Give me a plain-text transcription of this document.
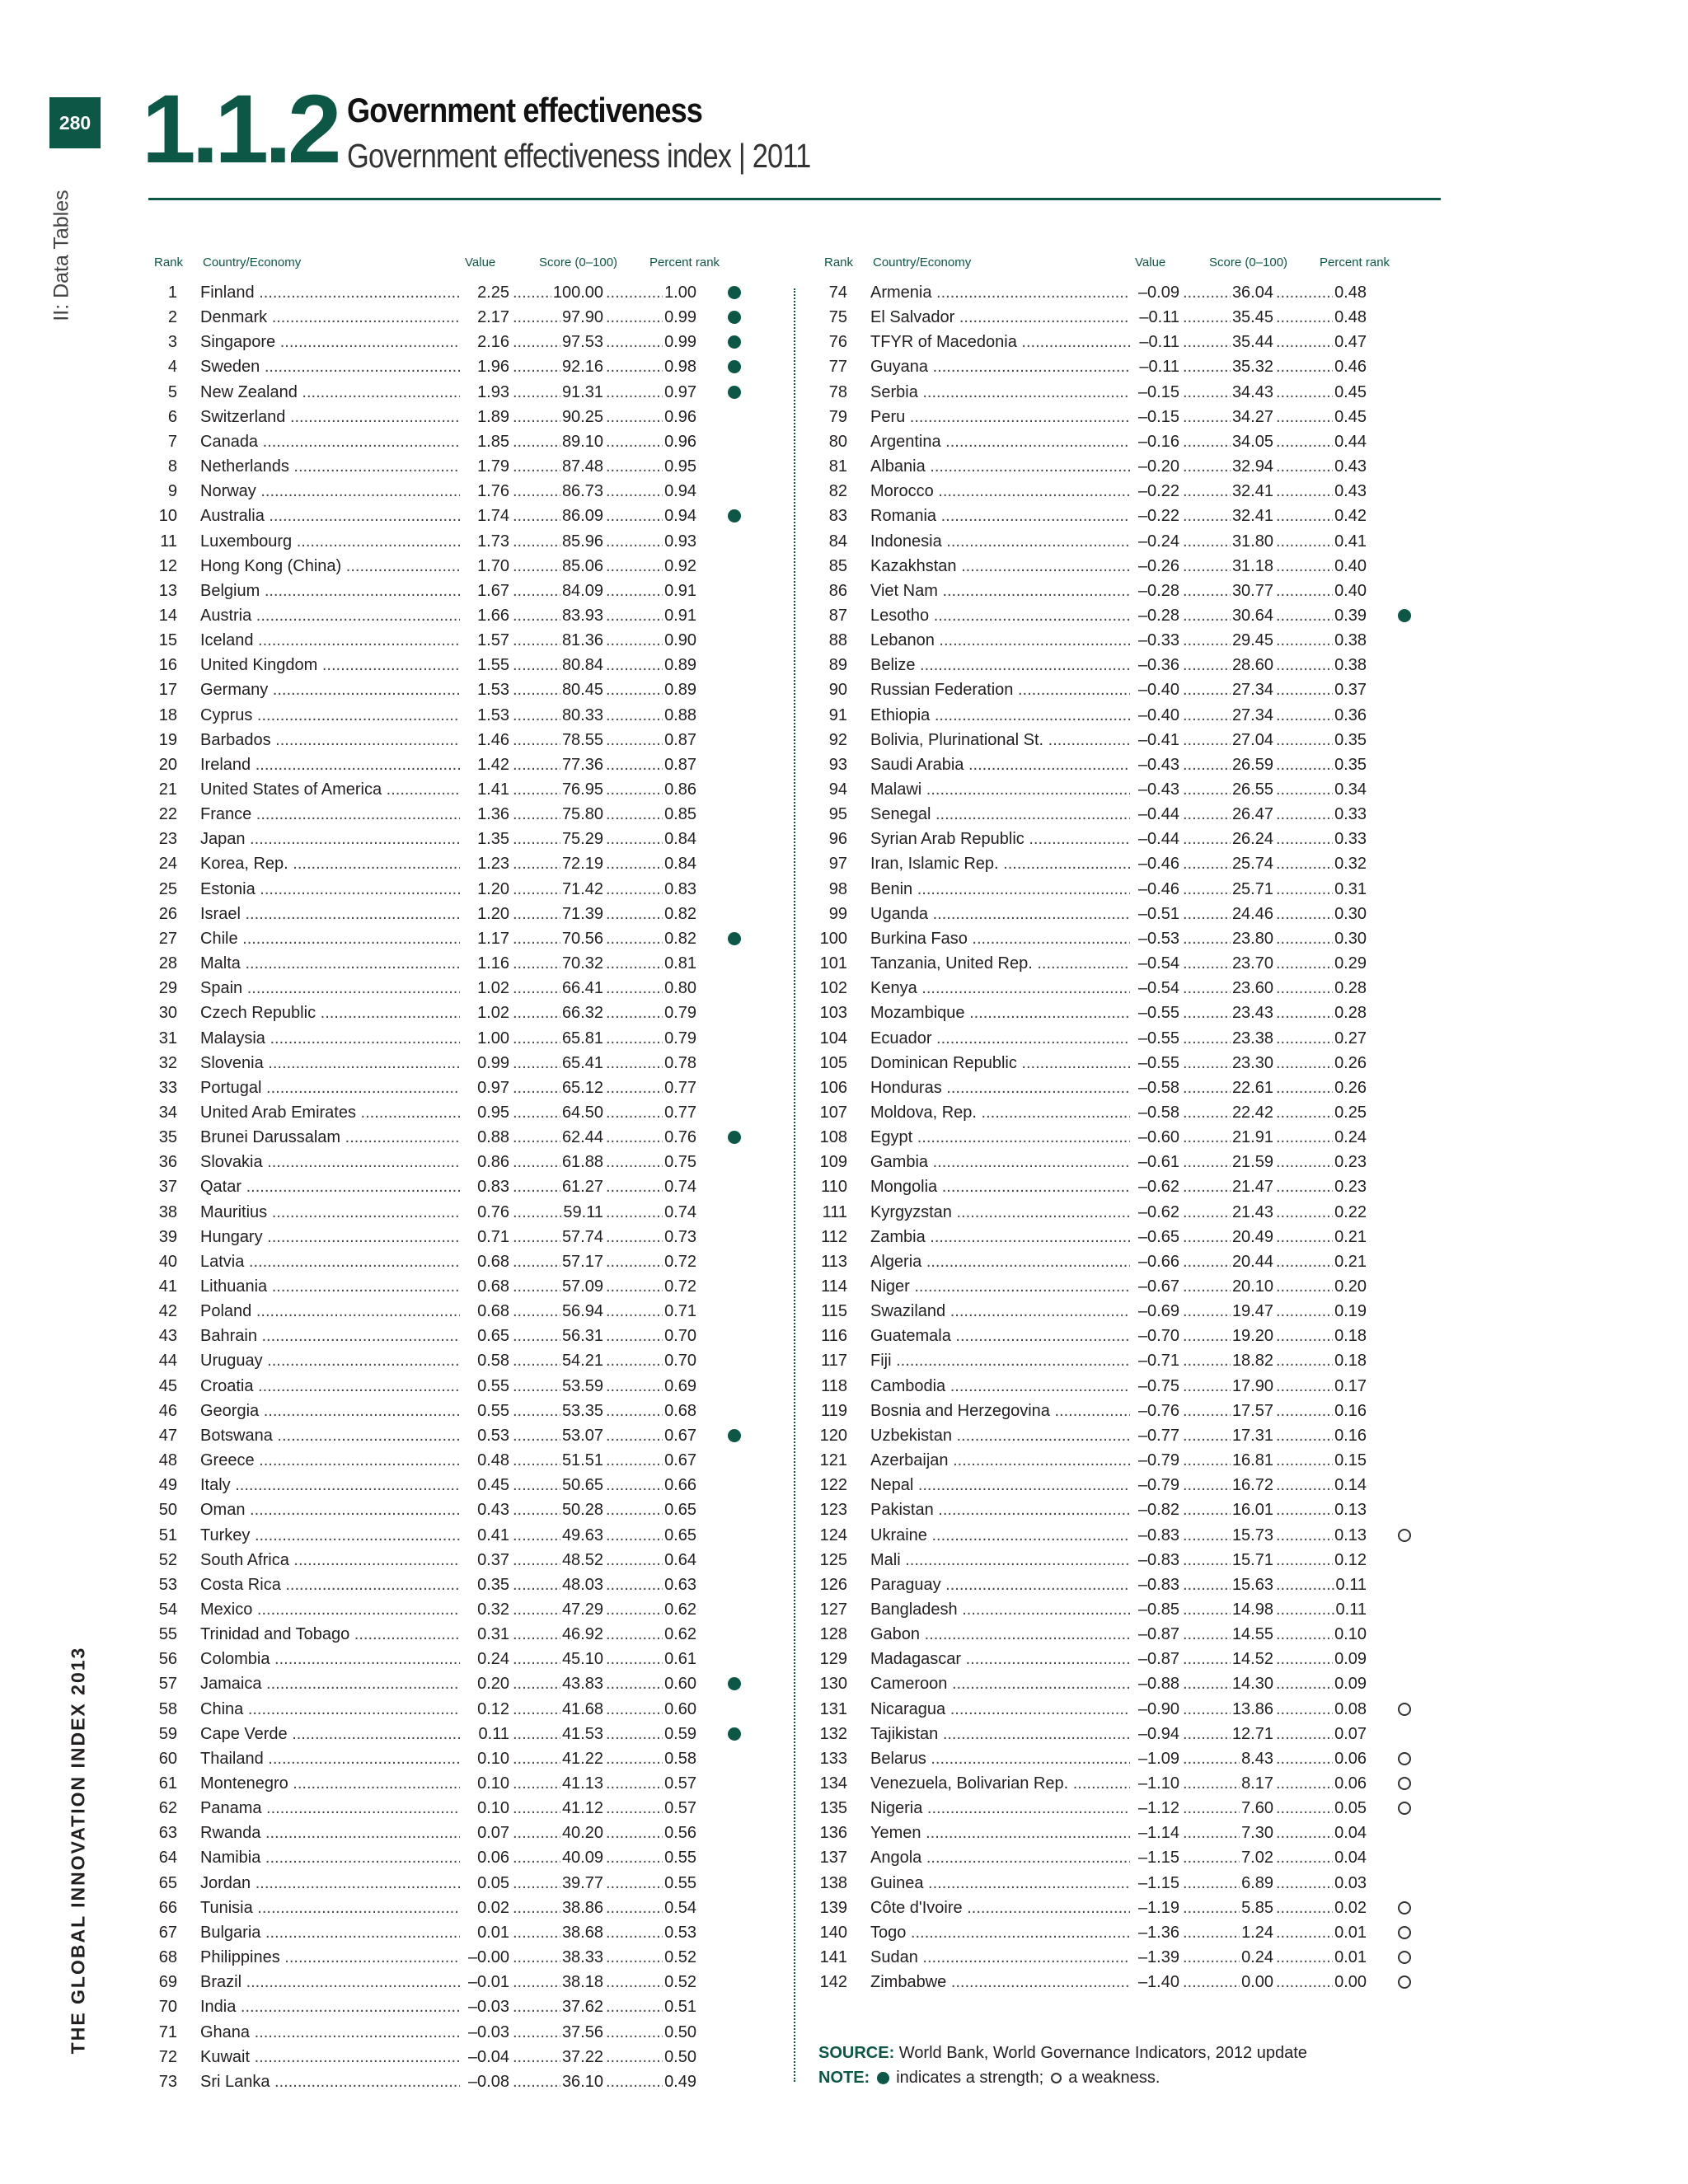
280
II: Data Tables
THE GLOBAL INNOVATION INDEX 2013
1.1.2 Government effectiveness
Government effectiveness index | 2011
Rank Country/Economy	Value	Score (0–100)	Percent rank	Rank Country/Economy	Value	Score (0–100)	Percent rank
1 Finland .....	2.25	..... 100.00	..... 1.00
2 Denmark .....	2.17	..... 97.90	..... 0.99
3 Singapore .....	2.16	..... 97.53	..... 0.99
4 Sweden .....	1.96	..... 92.16	..... 0.98
5 New Zealand .....	1.93	..... 91.31	..... 0.97
6 Switzerland .....	1.89	..... 90.25	..... 0.96
7 Canada .....	1.85	..... 89.10	..... 0.96
8 Netherlands .....	1.79	..... 87.48	..... 0.95
9 Norway .....	1.76	..... 86.73	..... 0.94
10 Australia .....	1.74	..... 86.09	..... 0.94
11 Luxembourg .....	1.73	..... 85.96	..... 0.93
12 Hong Kong (China) .....	1.70	..... 85.06	..... 0.92
13 Belgium .....	1.67	..... 84.09	..... 0.91
14 Austria .....	1.66	..... 83.93	..... 0.91
15 Iceland .....	1.57	..... 81.36	..... 0.90
16 United Kingdom .....	1.55	..... 80.84	..... 0.89
17 Germany .....	1.53	..... 80.45	..... 0.89
18 Cyprus .....	1.53	..... 80.33	..... 0.88
19 Barbados .....	1.46	..... 78.55	..... 0.87
20 Ireland .....	1.42	..... 77.36	..... 0.87
21 United States of America .....	1.41	..... 76.95	..... 0.86
22 France .....	1.36	..... 75.80	..... 0.85
23 Japan .....	1.35	..... 75.29	..... 0.84
24 Korea, Rep. .....	1.23	..... 72.19	..... 0.84
25 Estonia .....	1.20	..... 71.42	..... 0.83
26 Israel .....	1.20	..... 71.39	..... 0.82
27 Chile .....	1.17	..... 70.56	..... 0.82
28 Malta .....	1.16	..... 70.32	..... 0.81
29 Spain .....	1.02	..... 66.41	..... 0.80
30 Czech Republic .....	1.02	..... 66.32	..... 0.79
31 Malaysia .....	1.00	..... 65.81	..... 0.79
32 Slovenia .....	0.99	..... 65.41	..... 0.78
33 Portugal .....	0.97	..... 65.12	..... 0.77
34 United Arab Emirates .....	0.95	..... 64.50	..... 0.77
35 Brunei Darussalam .....	0.88	..... 62.44	..... 0.76
36 Slovakia .....	0.86	..... 61.88	..... 0.75
37 Qatar .....	0.83	..... 61.27	..... 0.74
38 Mauritius .....	0.76	..... 59.11	..... 0.74
39 Hungary .....	0.71	..... 57.74	..... 0.73
40 Latvia .....	0.68	..... 57.17	..... 0.72
41 Lithuania .....	0.68	..... 57.09	..... 0.72
42 Poland .....	0.68	..... 56.94	..... 0.71
43 Bahrain .....	0.65	..... 56.31	..... 0.70
44 Uruguay .....	0.58	..... 54.21	..... 0.70
45 Croatia .....	0.55	..... 53.59	..... 0.69
46 Georgia .....	0.55	..... 53.35	..... 0.68
47 Botswana .....	0.53	..... 53.07	..... 0.67
48 Greece .....	0.48	..... 51.51	..... 0.67
49 Italy .....	0.45	..... 50.65	..... 0.66
50 Oman .....	0.43	..... 50.28	..... 0.65
51 Turkey .....	0.41	..... 49.63	..... 0.65
52 South Africa .....	0.37	..... 48.52	..... 0.64
53 Costa Rica .....	0.35	..... 48.03	..... 0.63
54 Mexico .....	0.32	..... 47.29	..... 0.62
55 Trinidad and Tobago .....	0.31	..... 46.92	..... 0.62
56 Colombia .....	0.24	..... 45.10	..... 0.61
57 Jamaica .....	0.20	..... 43.83	..... 0.60
58 China .....	0.12	..... 41.68	..... 0.60
59 Cape Verde .....	0.11	..... 41.53	..... 0.59
60 Thailand .....	0.10	..... 41.22	..... 0.58
61 Montenegro .....	0.10	..... 41.13	..... 0.57
62 Panama .....	0.10	..... 41.12	..... 0.57
63 Rwanda .....	0.07	..... 40.20	..... 0.56
64 Namibia .....	0.06	..... 40.09	..... 0.55
65 Jordan .....	0.05	..... 39.77	..... 0.55
66 Tunisia .....	0.02	..... 38.86	..... 0.54
67 Bulgaria .....	0.01	..... 38.68	..... 0.53
68 Philippines .....	–0.00	..... 38.33	..... 0.52
69 Brazil .....	–0.01	..... 38.18	..... 0.52
70 India .....	–0.03	..... 37.62	..... 0.51
71 Ghana .....	–0.03	..... 37.56	..... 0.50
72 Kuwait .....	–0.04	..... 37.22	..... 0.50
73 Sri Lanka .....	–0.08	..... 36.10	..... 0.49
74 Armenia .....	–0.09	..... 36.04	..... 0.48
75 El Salvador .....	–0.11	..... 35.45	..... 0.48
76 TFYR of Macedonia .....	–0.11	..... 35.44	..... 0.47
77 Guyana .....	–0.11	..... 35.32	..... 0.46
78 Serbia .....	–0.15	..... 34.43	..... 0.45
79 Peru .....	–0.15	..... 34.27	..... 0.45
80 Argentina .....	–0.16	..... 34.05	..... 0.44
81 Albania .....	–0.20	..... 32.94	..... 0.43
82 Morocco .....	–0.22	..... 32.41	..... 0.43
83 Romania .....	–0.22	..... 32.41	..... 0.42
84 Indonesia .....	–0.24	..... 31.80	..... 0.41
85 Kazakhstan .....	–0.26	..... 31.18	..... 0.40
86 Viet Nam .....	–0.28	..... 30.77	..... 0.40
87 Lesotho .....	–0.28	..... 30.64	..... 0.39
88 Lebanon .....	–0.33	..... 29.45	..... 0.38
89 Belize .....	–0.36	..... 28.60	..... 0.38
90 Russian Federation .....	–0.40	..... 27.34	..... 0.37
91 Ethiopia .....	–0.40	..... 27.34	..... 0.36
92 Bolivia, Plurinational St. .....	–0.41	..... 27.04	..... 0.35
93 Saudi Arabia .....	–0.43	..... 26.59	..... 0.35
94 Malawi .....	–0.43	..... 26.55	..... 0.34
95 Senegal .....	–0.44	..... 26.47	..... 0.33
96 Syrian Arab Republic .....	–0.44	..... 26.24	..... 0.33
97 Iran, Islamic Rep. .....	–0.46	..... 25.74	..... 0.32
98 Benin .....	–0.46	..... 25.71	..... 0.31
99 Uganda .....	–0.51	..... 24.46	..... 0.30
100 Burkina Faso .....	–0.53	..... 23.80	..... 0.30
101 Tanzania, United Rep. .....	–0.54	..... 23.70	..... 0.29
102 Kenya .....	–0.54	..... 23.60	..... 0.28
103 Mozambique .....	–0.55	..... 23.43	..... 0.28
104 Ecuador .....	–0.55	..... 23.38	..... 0.27
105 Dominican Republic .....	–0.55	..... 23.30	..... 0.26
106 Honduras .....	–0.58	..... 22.61	..... 0.26
107 Moldova, Rep. .....	–0.58	..... 22.42	..... 0.25
108 Egypt .....	–0.60	..... 21.91	..... 0.24
109 Gambia .....	–0.61	..... 21.59	..... 0.23
110 Mongolia .....	–0.62	..... 21.47	..... 0.23
111 Kyrgyzstan .....	–0.62	..... 21.43	..... 0.22
112 Zambia .....	–0.65	..... 20.49	..... 0.21
113 Algeria .....	–0.66	..... 20.44	..... 0.21
114 Niger .....	–0.67	..... 20.10	..... 0.20
115 Swaziland .....	–0.69	..... 19.47	..... 0.19
116 Guatemala .....	–0.70	..... 19.20	..... 0.18
117 Fiji .....	–0.71	..... 18.82	..... 0.18
118 Cambodia .....	–0.75	..... 17.90	..... 0.17
119 Bosnia and Herzegovina .....	–0.76	..... 17.57	..... 0.16
120 Uzbekistan .....	–0.77	..... 17.31	..... 0.16
121 Azerbaijan .....	–0.79	..... 16.81	..... 0.15
122 Nepal .....	–0.79	..... 16.72	..... 0.14
123 Pakistan .....	–0.82	..... 16.01	..... 0.13
124 Ukraine .....	–0.83	..... 15.73	..... 0.13
125 Mali .....	–0.83	..... 15.71	..... 0.12
126 Paraguay .....	–0.83	..... 15.63	..... 0.11
127 Bangladesh .....	–0.85	..... 14.98	..... 0.11
128 Gabon .....	–0.87	..... 14.55	..... 0.10
129 Madagascar .....	–0.87	..... 14.52	..... 0.09
130 Cameroon .....	–0.88	..... 14.30	..... 0.09
131 Nicaragua .....	–0.90	..... 13.86	..... 0.08
132 Tajikistan .....	–0.94	..... 12.71	..... 0.07
133 Belarus .....	–1.09	..... 8.43	..... 0.06
134 Venezuela, Bolivarian Rep. .....	–1.10	..... 8.17	..... 0.06
135 Nigeria .....	–1.12	..... 7.60	..... 0.05
136 Yemen .....	–1.14	..... 7.30	..... 0.04
137 Angola .....	–1.15	..... 7.02	..... 0.04
138 Guinea .....	–1.15	..... 6.89	..... 0.03
139 Côte d'Ivoire .....	–1.19	..... 5.85	..... 0.02
140 Togo .....	–1.36	..... 1.24	..... 0.01
141 Sudan .....	–1.39	..... 0.24	..... 0.01
142 Zimbabwe .....	–1.40	..... 0.00	..... 0.00
SOURCE: World Bank, World Governance Indicators, 2012 update
NOTE: indicates a strength; a weakness.
